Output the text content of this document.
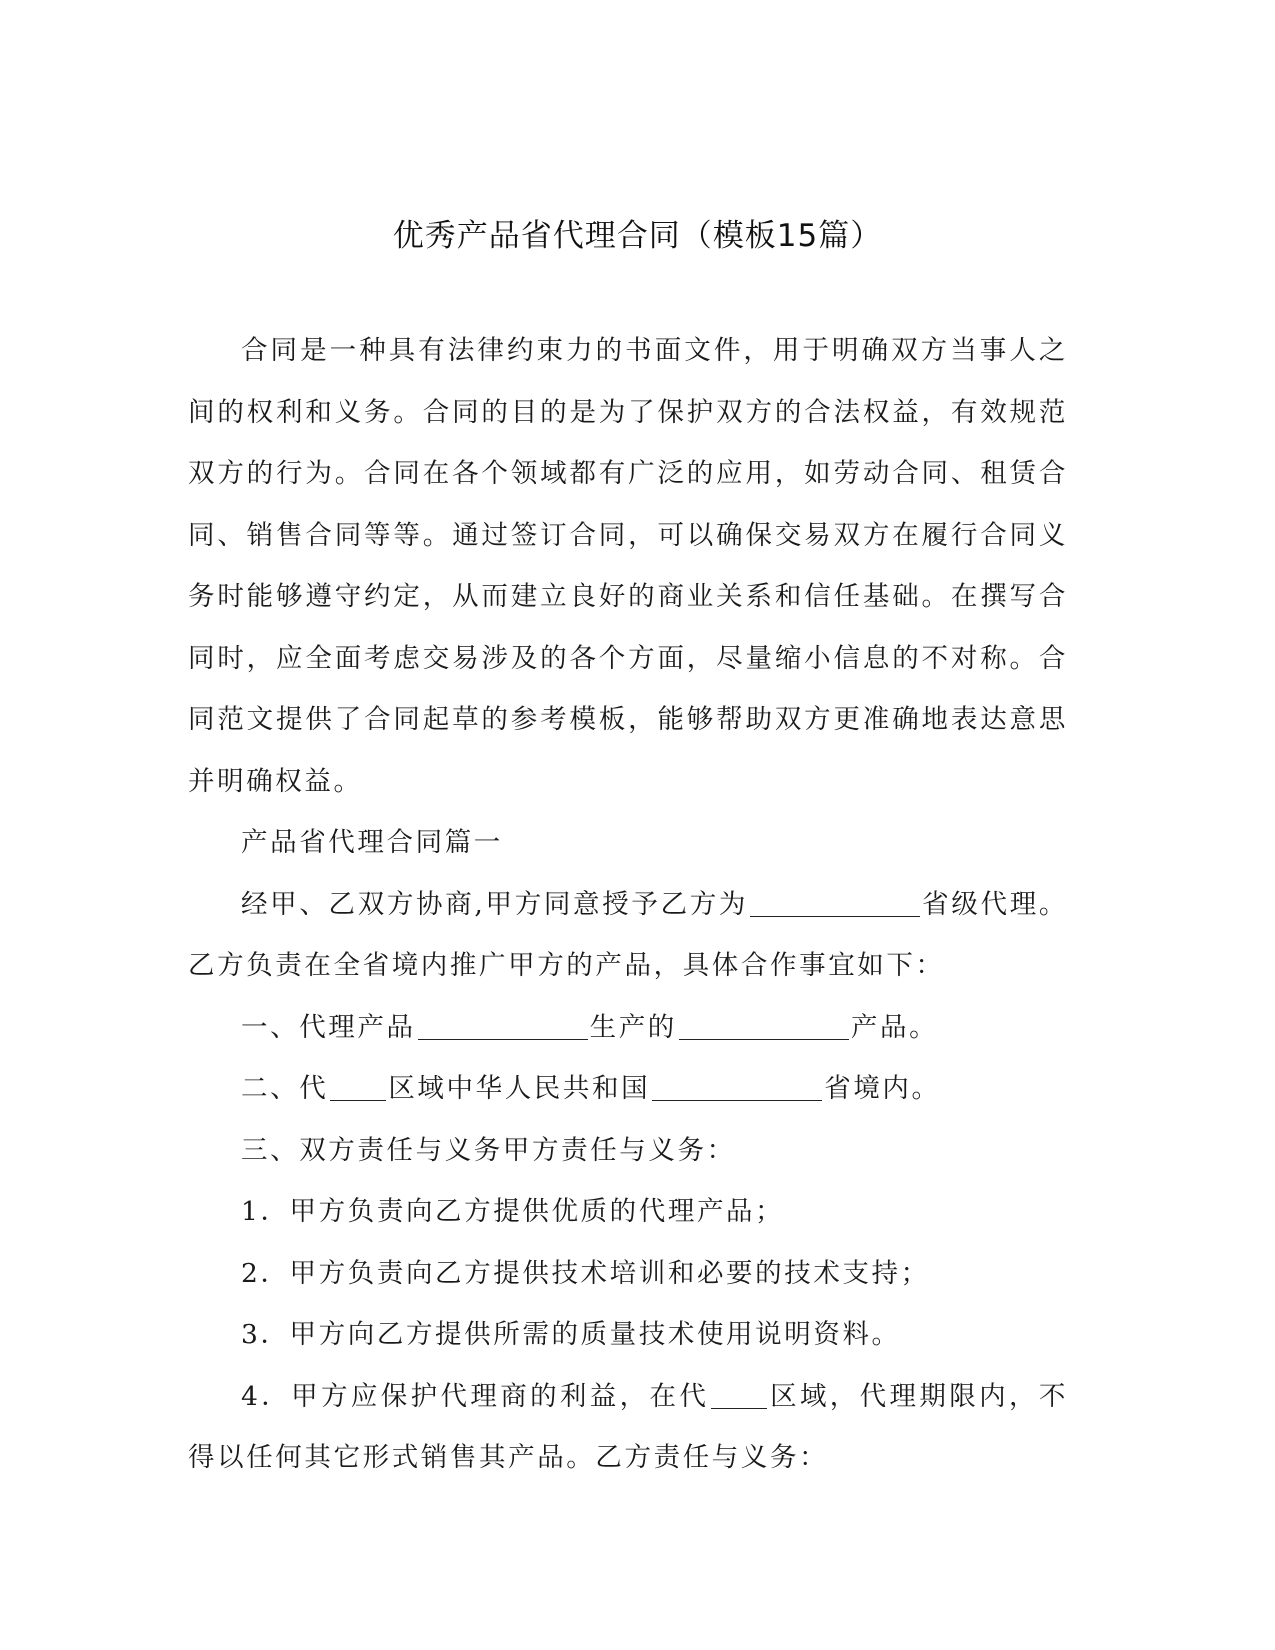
优秀产品省代理合同（模板15篇）

合同是一种具有法律约束力的书面文件，用于明确双方当事人之间的权利和义务。合同的目的是为了保护双方的合法权益，有效规范双方的行为。合同在各个领域都有广泛的应用，如劳动合同、租赁合同、销售合同等等。通过签订合同，可以确保交易双方在履行合同义务时能够遵守约定，从而建立良好的商业关系和信任基础。在撰写合同时，应全面考虑交易涉及的各个方面，尽量缩小信息的不对称。合同范文提供了合同起草的参考模板，能够帮助双方更准确地表达意思并明确权益。

产品省代理合同篇一

经甲、乙双方协商,甲方同意授予乙方为	省级代理。乙方负责在全省境内推广甲方的产品，具体合作事宜如下：

一、代理产品	生产的	产品。

二、代 区域中华人民共和国	省境内。

三、双方责任与义务甲方责任与义务：

1．甲方负责向乙方提供优质的代理产品；

2．甲方负责向乙方提供技术培训和必要的技术支持；

3．甲方向乙方提供所需的质量技术使用说明资料。

4．甲方应保护代理商的利益，在代 区域，代理期限内，不得以任何其它形式销售其产品。乙方责任与义务：
